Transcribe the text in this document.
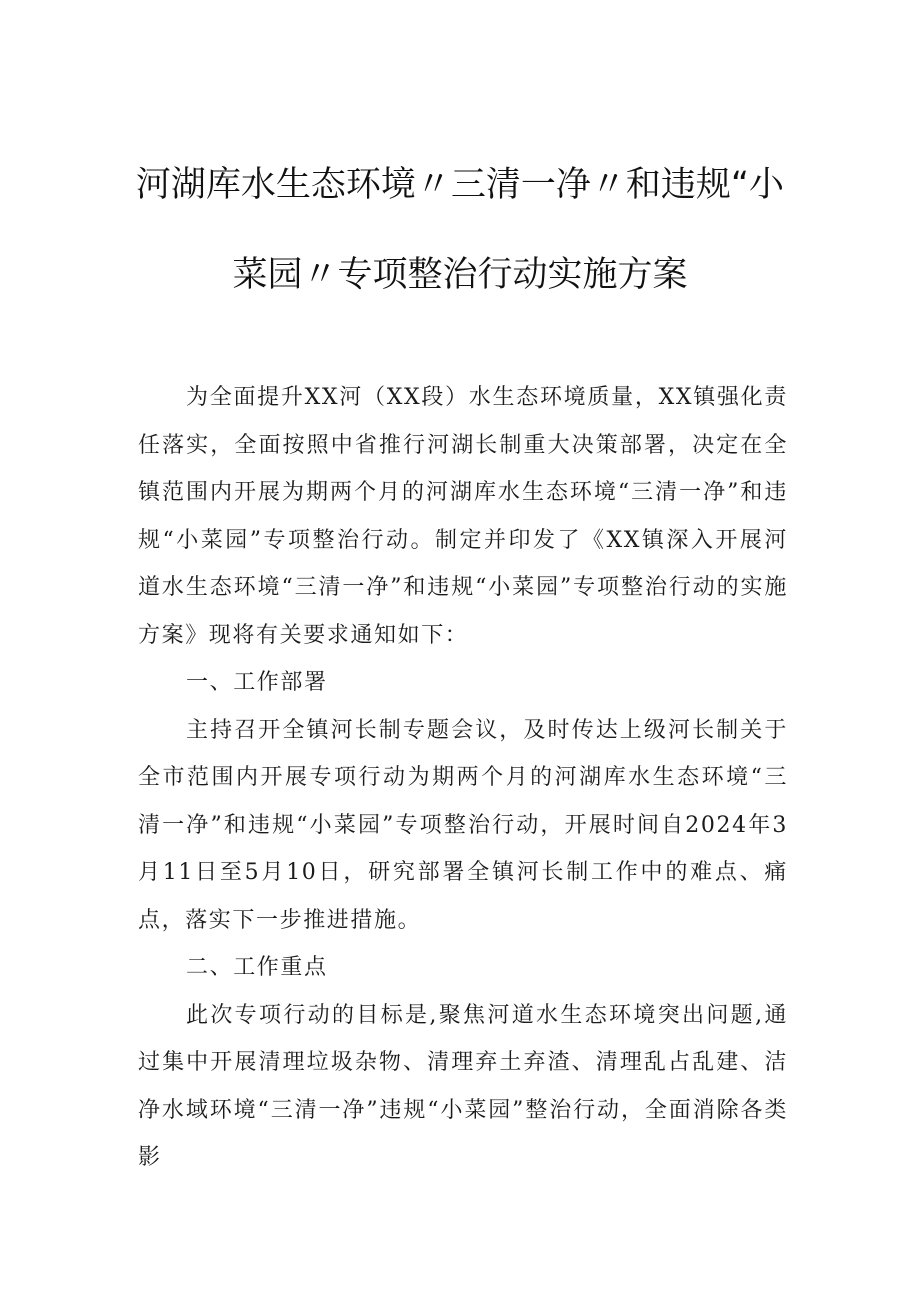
河湖库水生态环境〃三清一净〃和违规“小
菜园〃专项整治行动实施方案

为全面提升XX河（XX段）水生态环境质量，XX镇强化责任落实，全面按照中省推行河湖长制重大决策部署，决定在全镇范围内开展为期两个月的河湖库水生态环境“三清一净”和违规“小菜园”专项整治行动。制定并印发了《XX镇深入开展河道水生态环境“三清一净”和违规“小菜园”专项整治行动的实施方案》现将有关要求通知如下：

一、工作部署

主持召开全镇河长制专题会议，及时传达上级河长制关于全市范围内开展专项行动为期两个月的河湖库水生态环境“三清一净”和违规“小菜园”专项整治行动，开展时间自2024年3月11日至5月10日，研究部署全镇河长制工作中的难点、痛点，落实下一步推进措施。

二、工作重点

此次专项行动的目标是,聚焦河道水生态环境突出问题,通过集中开展清理垃圾杂物、清理弃土弃渣、清理乱占乱建、洁净水域环境“三清一净”违规“小菜园”整治行动，全面消除各类影
